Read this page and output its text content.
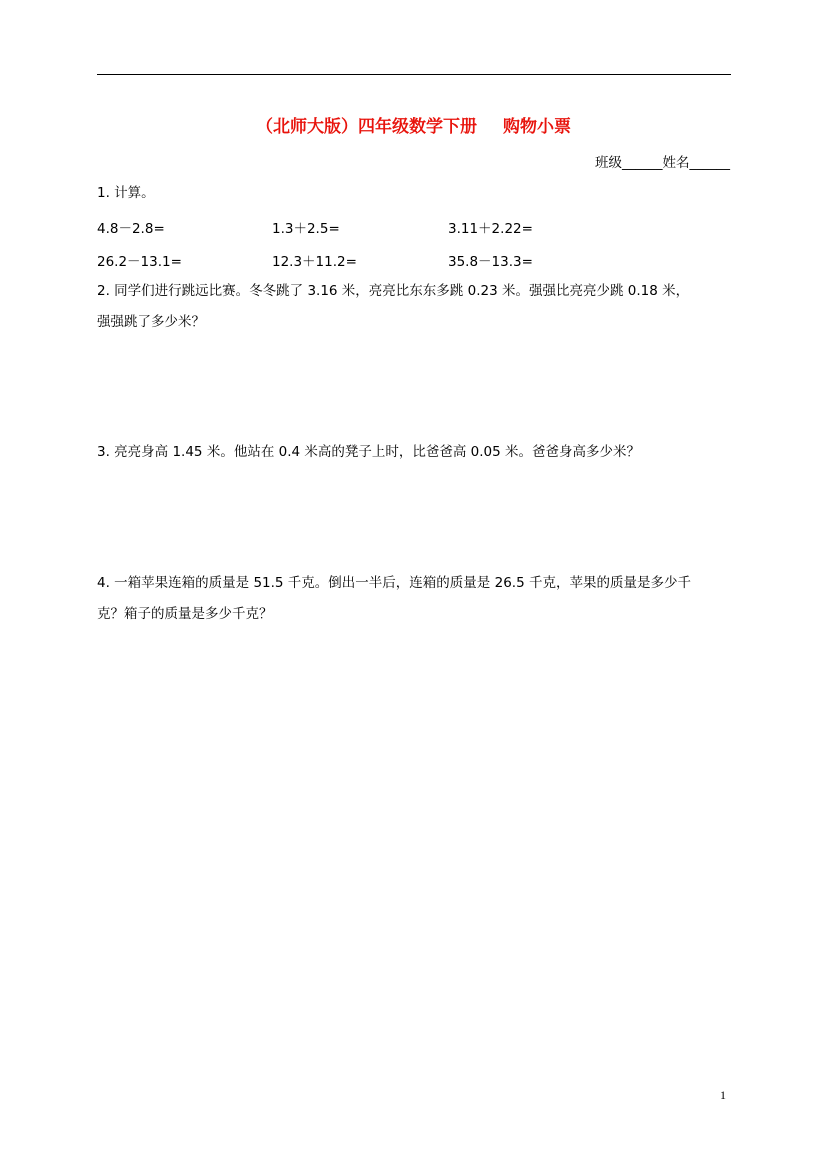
（北师大版）四年级数学下册 购物小票
班级______姓名______
1. 计算。
4.8－2.8=	1.3＋2.5=	3.11＋2.22=
26.2－13.1=	12.3＋11.2=	35.8－13.3=
2. 同学们进行跳远比赛。冬冬跳了 3.16 米，亮亮比东东多跳 0.23 米。强强比亮亮少跳 0.18 米，
强强跳了多少米？
3. 亮亮身高 1.45 米。他站在 0.4 米高的凳子上时，比爸爸高 0.05 米。爸爸身高多少米？
4. 一箱苹果连箱的质量是 51.5 千克。倒出一半后，连箱的质量是 26.5 千克，苹果的质量是多少千
克？箱子的质量是多少千克？
1
